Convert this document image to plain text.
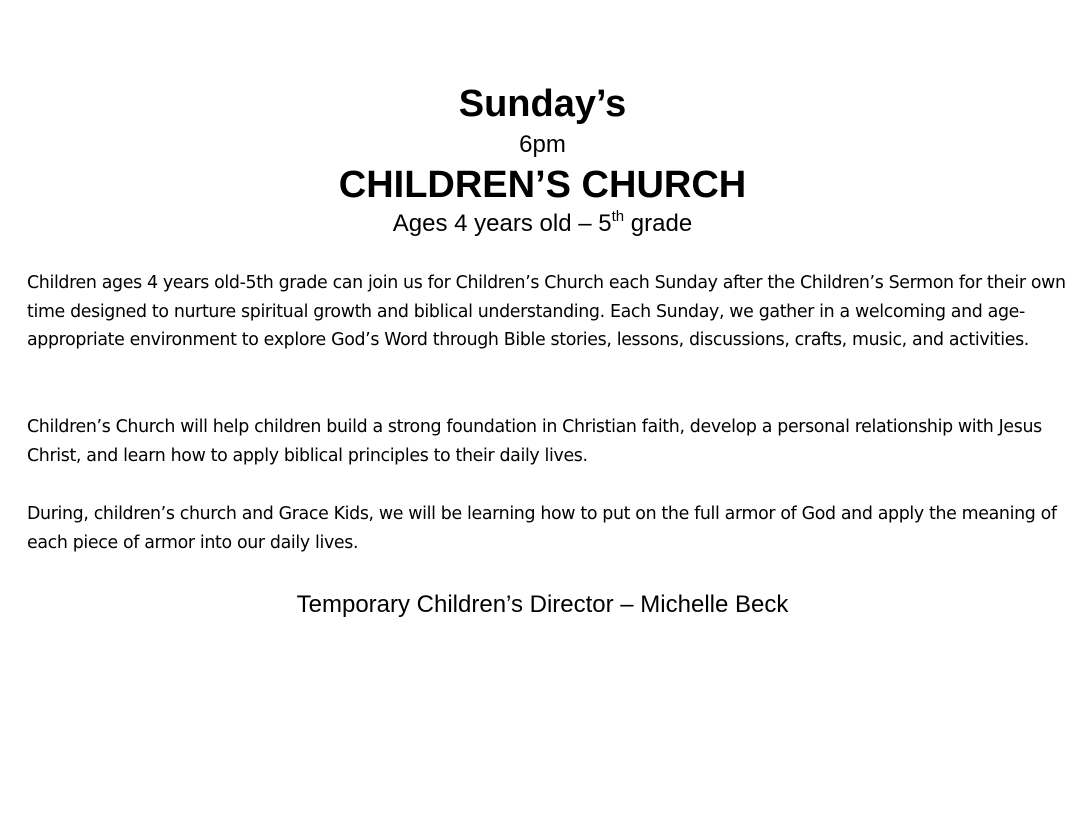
Sunday’s
6pm
CHILDREN’S CHURCH
Ages 4 years old – 5th grade

Children ages 4 years old-5th grade can join us for Children’s Church each Sunday after the Children’s Sermon for their own time designed to nurture spiritual growth and biblical understanding. Each Sunday, we gather in a welcoming and age-appropriate environment to explore God’s Word through Bible stories, lessons, discussions, crafts, music, and activities.

Children’s Church will help children build a strong foundation in Christian faith, develop a personal relationship with Jesus Christ, and learn how to apply biblical principles to their daily lives.

During, children’s church and Grace Kids, we will be learning how to put on the full armor of God and apply the meaning of each piece of armor into our daily lives.

Temporary Children’s Director – Michelle Beck
